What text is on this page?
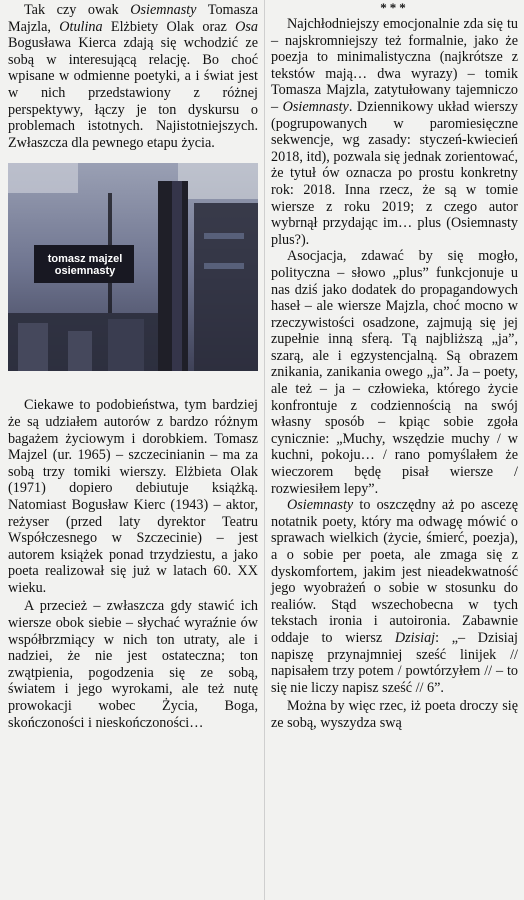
Tak czy owak Osiemnasty Tomasza Majzla, Otulina Elżbiety Olak oraz Osa Bogusława Kierca zdają się wchodzić ze sobą w interesującą relację. Bo choć wpisane w odmienne poetyki, a i świat jest w nich przedstawiony z różnej perspektywy, łączy je ton dyskursu o problemach istotnych. Najistotniejszych. Zwłaszcza dla pewnego etapu życia.

tomasz majzel
osiemnasty

Ciekawe to podobieństwa, tym bardziej że są udziałem autorów z bardzo różnym bagażem życiowym i dorobkiem. Tomasz Majzel (ur. 1965) – szczecinianin – ma za sobą trzy tomiki wierszy. Elżbieta Olak (1971) dopiero debiutuje książką. Natomiast Bogusław Kierc (1943) – aktor, reżyser (przed laty dyrektor Teatru Współczesnego w Szczecinie) – jest autorem książek ponad trzydziestu, a jako poeta realizował się już w latach 60. XX wieku.

A przecież – zwłaszcza gdy stawić ich wiersze obok siebie – słychać wyraźnie ów współbrzmiący w nich ton utraty, ale i nadziei, że nie jest ostateczna; ton zwątpienia, pogodzenia się ze sobą, światem i jego wyrokami, ale też nutę prowokacji wobec Życia, Boga, skończoności i nieskończoności…

***

Najchłodniejszy emocjonalnie zda się tu – najskromniejszy też formalnie, jako że poezja to minimalistyczna (najkrótsze z tekstów mają… dwa wyrazy) – tomik Tomasza Majzla, zatytułowany tajemniczo – Osiemnasty. Dziennikowy układ wierszy (pogrupowanych w paromiesięczne sekwencje, wg zasady: styczeń-kwiecień 2018, itd), pozwala się jednak zorientować, że tytuł ów oznacza po prostu konkretny rok: 2018. Inna rzecz, że są w tomie wiersze z roku 2019; z czego autor wybrnął przydając im… plus (Osiemnasty plus?).

Asocjacja, zdawać by się mogło, polityczna – słowo „plus” funkcjonuje u nas dziś jako dodatek do propagandowych haseł – ale wiersze Majzla, choć mocno w rzeczywistości osadzone, zajmują się jej zupełnie inną sferą. Tą najbliższą „ja”, szarą, ale i egzystencjalną. Są obrazem znikania, zanikania owego „ja”. Ja – poety, ale też – ja – człowieka, którego życie konfrontuje z codziennością na swój własny sposób – kpiąc sobie zgoła cynicznie: „Muchy, wszędzie muchy / w kuchni, pokoju… / rano pomyślałem że wieczorem będę pisał wiersze / rozwiesiłem lepy”.

Osiemnasty to oszczędny aż po ascezę notatnik poety, który ma odwagę mówić o sprawach wielkich (życie, śmierć, poezja), a o sobie per poeta, ale zmaga się z dyskomfortem, jakim jest nieadekwatność jego wyobrażeń o sobie w stosunku do realiów. Stąd wszechobecna w tych tekstach ironia i autoironia. Zabawnie oddaje to wiersz Dzisiaj: „– Dzisiaj napiszę przynajmniej sześć linijek // napisałem trzy potem / powtórzyłem // – to się nie liczy napisz sześć // 6”.

Można by więc rzec, iż poeta droczy się ze sobą, wyszydza swą
